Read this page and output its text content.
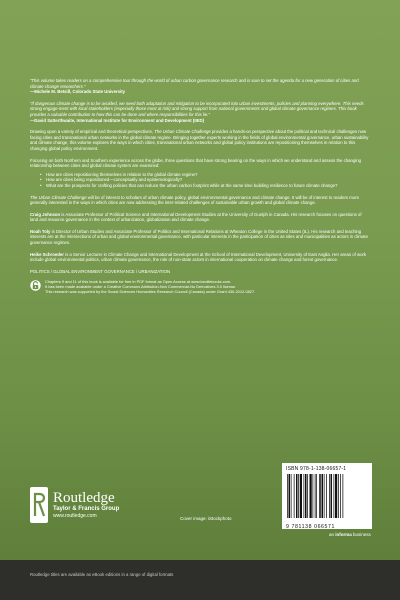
“This volume takes readers on a comprehensive tour through the world of urban carbon governance research and is sure to set the agenda for a new generation of cities and climate change researchers.”
—Michele M. Betsill, Colorado State University
“If dangerous climate change is to be avoided, we need both adaptation and mitigation to be incorporated into urban investments, policies and planning everywhere. This needs strong engage-ment with local stakeholders (especially those most at risk) and strong support from national governments and global climate governance regimes. This book provides a valuable contribution to how this can be done and where responsibilities for this lie.”
—David Satterthwaite, International Institute for Environment and Development (IIED)

Drawing upon a variety of empirical and theoretical perspectives, The Urban Climate Challenge provides a hands-on perspective about the political and technical challenges now facing cities and transnational urban networks in the global climate regime. Bringing together experts working in the fields of global environmental governance, urban sustainability and climate change, this volume explores the ways in which cities, transnational urban networks and global policy institutions are repositioning themselves in relation to this changing global policy environment.

Focusing on both Northern and Southern experience across the globe, three questions that have strong bearing on the ways in which we understand and assess the changing relationship between cities and global climate system are examined:

• How are cities repositioning themselves in relation to the global climate regime?
• How are cities being repositioned—conceptually and epistemologically?
• What are the prospects for crafting policies that can reduce the urban carbon footprint while at the same time building resilience to future climate change?

The Urban Climate Challenge will be of interest to scholars of urban climate policy, global environmental governance and climate change. It will be of interest to readers more generally interested in the ways in which cities are now addressing the inter-related challenges of sustainable urban growth and global climate change.

Craig Johnson is Associate Professor of Political Science and International Development Studies at the University of Guelph in Canada. His research focuses on questions of land and resource governance in the context of urbanization, globalization and climate change.

Noah Toly is Director of Urban Studies and Associate Professor of Politics and International Relations at Wheaton College in the United States (IL). His research and teaching interests are at the intersections of urban and global environmental governance, with particular interests in the participation of cities as sites and municipalities as actors in climate governance regimes.

Heike Schroeder is a Senior Lecturer in Climate Change and International Development at the School of International Development, University of East Anglia. Her areas of work include global environmental politics, urban climate governance, the role of non-state actors in international cooperation on climate change and forest governance.

POLITICS / GLOBAL ENVIRONMENT GOVERNANCE / URBANIZATION
Chapters 9 and 11 of this book is available for free in PDF format as Open Access at www.tandfebooks.com.
It has been made available under a Creative Commons Attribution-Non Commercial-No Derivatives 3.0 license.
This research was supported by the Social Sciences Humanities Research Council (Canada) under Grant 430-2012-0827.
Routledge
Taylor & Francis Group
www.routledge.com	Cover image: iStockphoto
ISBN 978-1-138-06657-1
9 781138 066571
an informa business
Routledge titles are available as eBook editions in a range of digital formats
